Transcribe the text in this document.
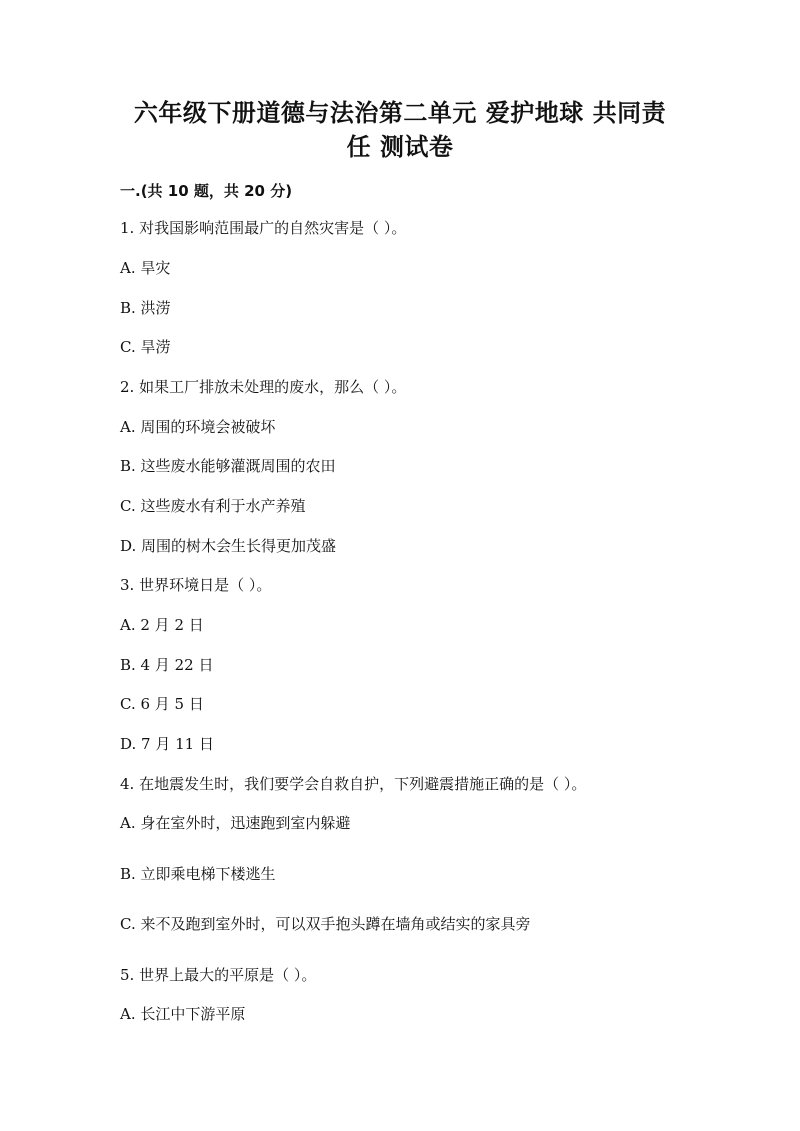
六年级下册道德与法治第二单元 爱护地球 共同责
任 测试卷
一.(共 10 题，共 20 分)
1. 对我国影响范围最广的自然灾害是（ ）。
A. 旱灾
B. 洪涝
C. 旱涝
2. 如果工厂排放未处理的废水，那么（ ）。
A. 周围的环境会被破坏
B. 这些废水能够灌溉周围的农田
C. 这些废水有利于水产养殖
D. 周围的树木会生长得更加茂盛
3. 世界环境日是（ ）。
A. 2 月 2 日
B. 4 月 22 日
C. 6 月 5 日
D. 7 月 11 日
4. 在地震发生时，我们要学会自救自护，下列避震措施正确的是（ ）。
A. 身在室外时，迅速跑到室内躲避
B. 立即乘电梯下楼逃生
C. 来不及跑到室外时，可以双手抱头蹲在墙角或结实的家具旁
5. 世界上最大的平原是（ ）。
A. 长江中下游平原
